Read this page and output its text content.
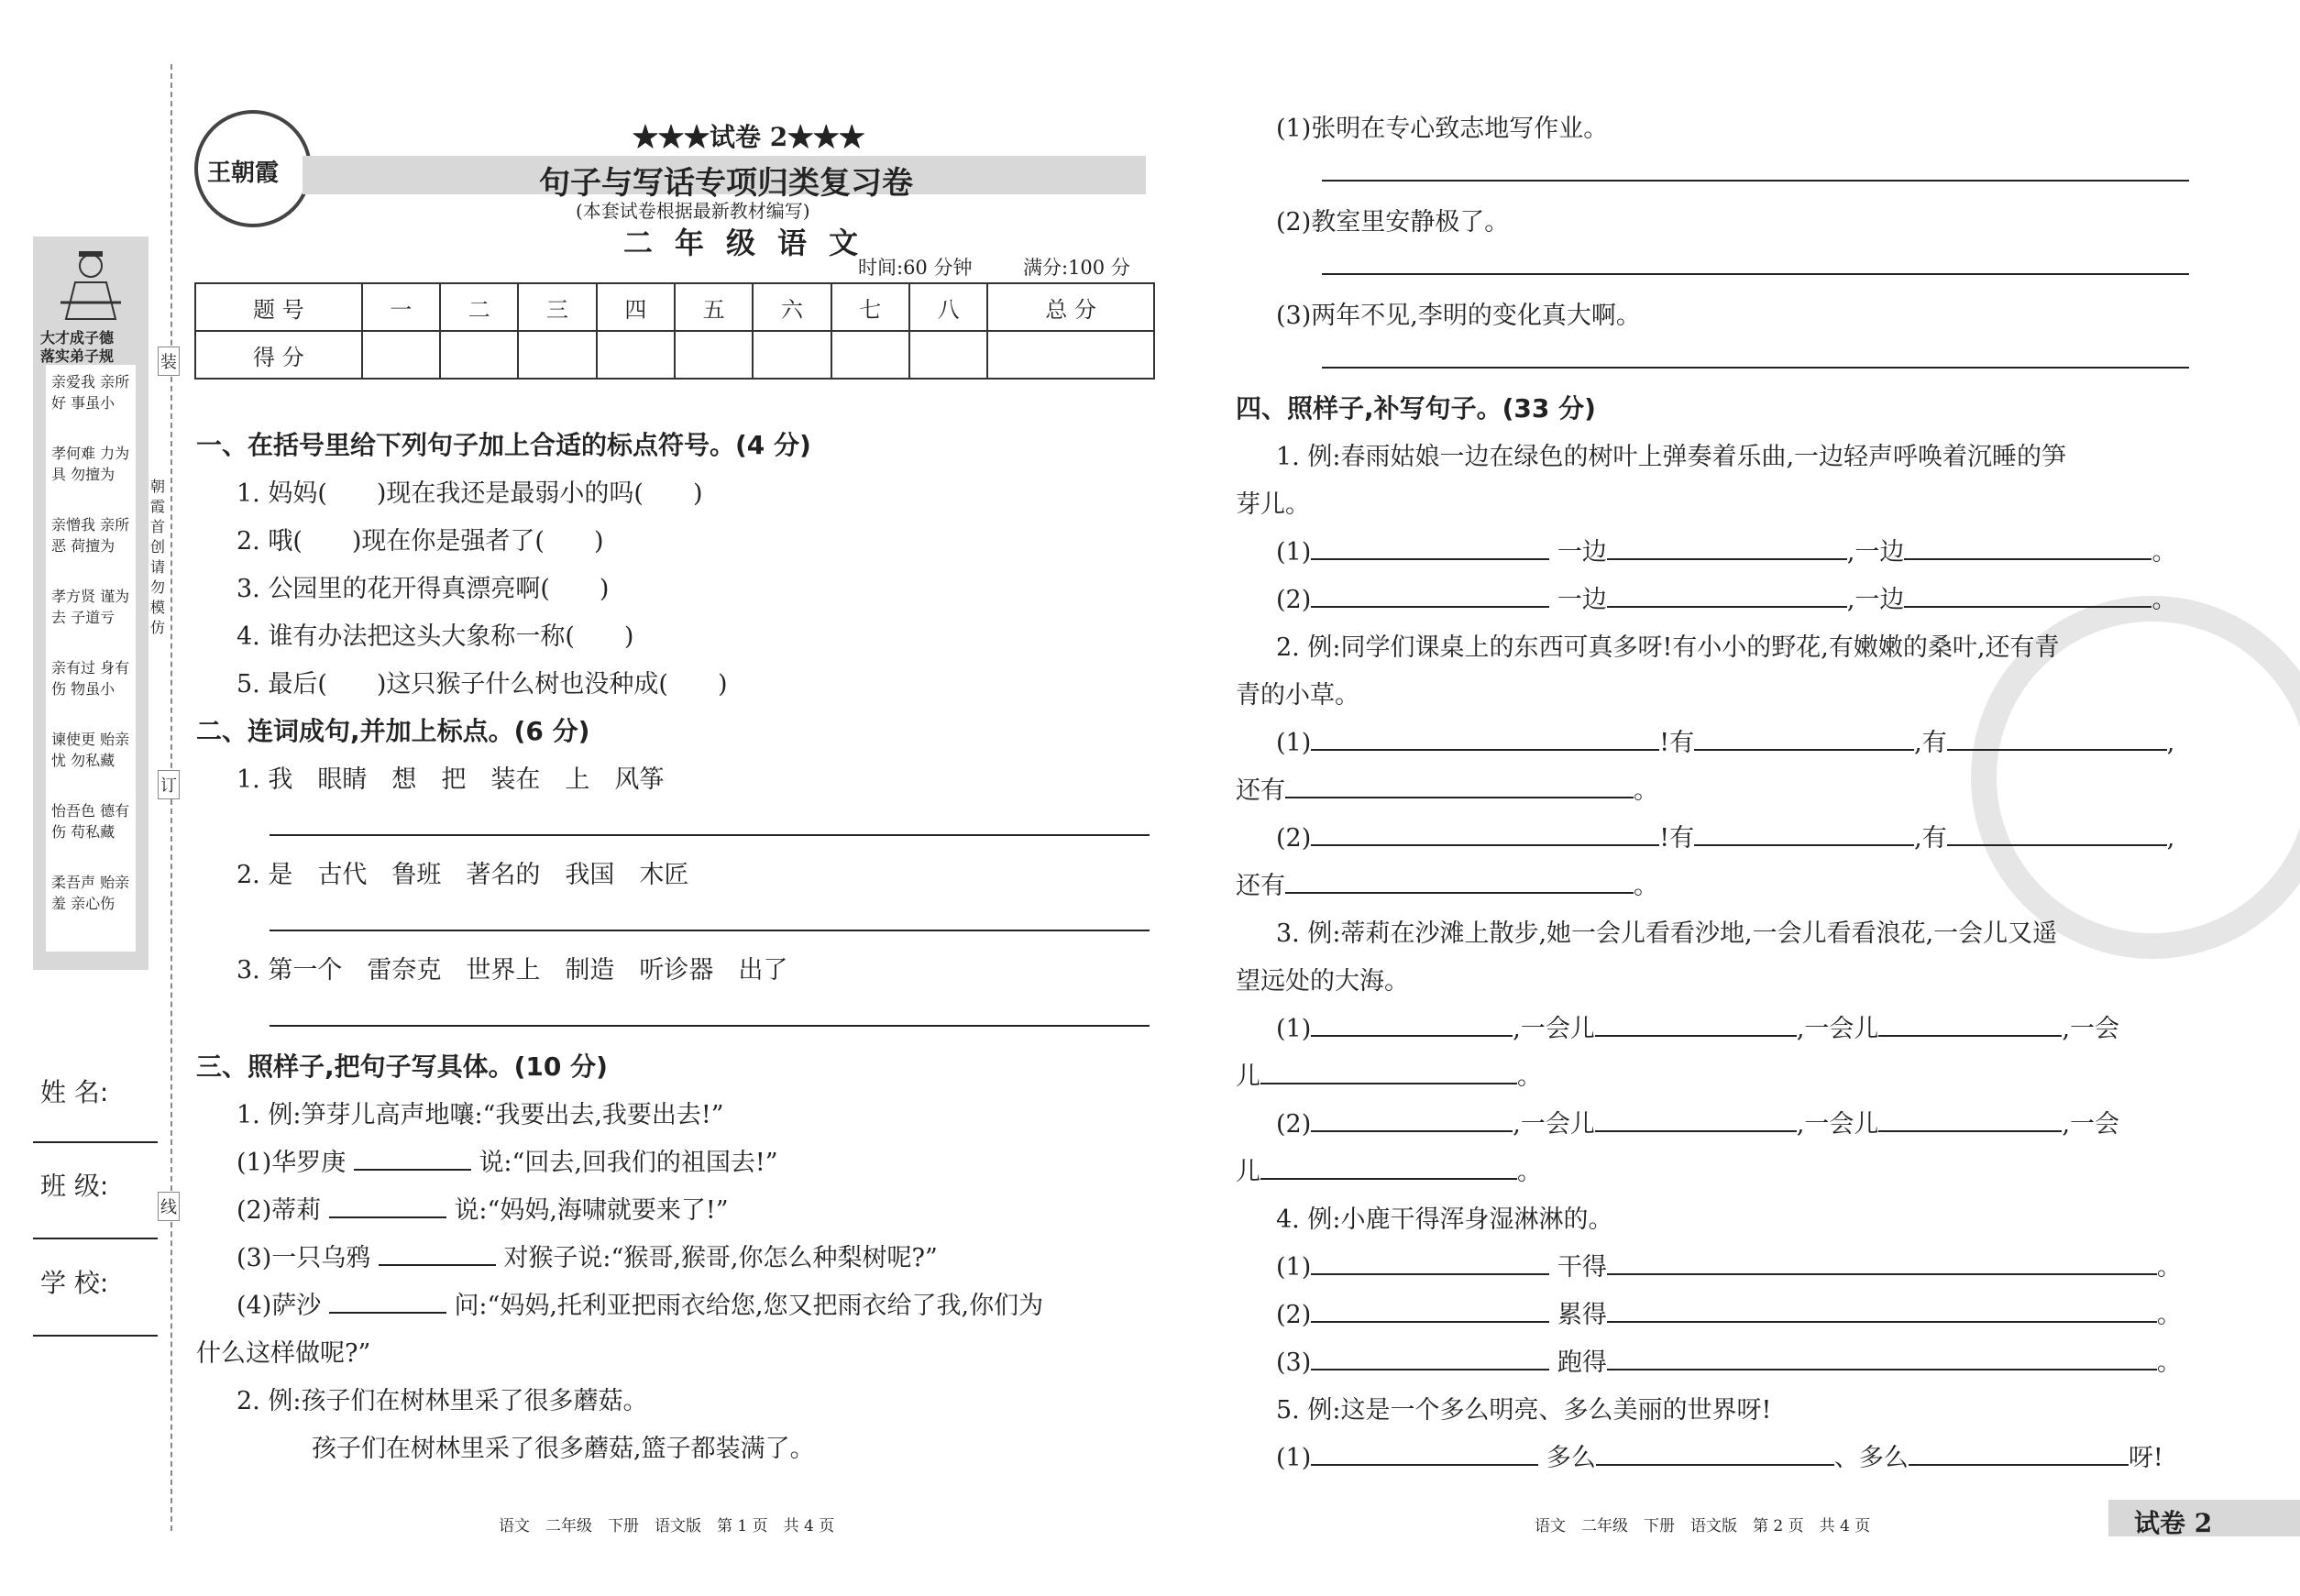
大才成子德
落实弟子规
亲爱我 亲所好 事虽小
孝何难 力为具 勿擅为
亲憎我 亲所恶 荷擅为
孝方贤 谨为去 子道亏
亲有过 身有伤 物虽小
谏使更 贻亲忧 勿私藏
怡吾色 德有伤 苟私藏
柔吾声 贻亲羞 亲心伤
装
订
线
朝霞首创 请勿模仿
姓 名:
班 级:
学 校:
王朝霞
★★★试卷 2★★★
句子与写话专项归类复习卷
(本套试卷根据最新教材编写)
二年级语文
时间:60 分钟	满分:100 分
题 号	一	二	三	四	五	六	七	八	总 分
得 分									
一、在括号里给下列句子加上合适的标点符号。(4 分)
1. 妈妈(　　)现在我还是最弱小的吗(　　)
2. 哦(　　)现在你是强者了(　　)
3. 公园里的花开得真漂亮啊(　　)
4. 谁有办法把这头大象称一称(　　)
5. 最后(　　)这只猴子什么树也没种成(　　)
二、连词成句,并加上标点。(6 分)
1. 我　眼睛　想　把　装在　上　风筝
2. 是　古代　鲁班　著名的　我国　木匠
3. 第一个　雷奈克　世界上　制造　听诊器　出了
三、照样子,把句子写具体。(10 分)
1. 例:笋芽儿高声地嚷:“我要出去,我要出去!”
(1)华罗庚	说:“回去,回我们的祖国去!”
(2)蒂莉	说:“妈妈,海啸就要来了!”
(3)一只乌鸦	对猴子说:“猴哥,猴哥,你怎么种梨树呢?”
(4)萨沙	问:“妈妈,托利亚把雨衣给您,您又把雨衣给了我,你们为
什么这样做呢?”
2. 例:孩子们在树林里采了很多蘑菇。
孩子们在树林里采了很多蘑菇,篮子都装满了。
语文　二年级　下册　语文版　第 1 页　共 4 页
(1)张明在专心致志地写作业。
(2)教室里安静极了。
(3)两年不见,李明的变化真大啊。
四、照样子,补写句子。(33 分)
1. 例:春雨姑娘一边在绿色的树叶上弹奏着乐曲,一边轻声呼唤着沉睡的笋
芽儿。
(1)	一边	,一边	。
(2)	一边	,一边	。
2. 例:同学们课桌上的东西可真多呀!有小小的野花,有嫩嫩的桑叶,还有青
青的小草。
(1)	!有	,有	,
还有	。
(2)	!有	,有	,
还有	。
3. 例:蒂莉在沙滩上散步,她一会儿看看沙地,一会儿看看浪花,一会儿又遥
望远处的大海。
(1)	,一会儿	,一会儿	,一会
儿	。
(2)	,一会儿	,一会儿	,一会
儿	。
4. 例:小鹿干得浑身湿淋淋的。
(1)	干得	。
(2)	累得	。
(3)	跑得	。
5. 例:这是一个多么明亮、多么美丽的世界呀!
(1)	多么	、多么	呀!
语文　二年级　下册　语文版　第 2 页　共 4 页	试卷 2
